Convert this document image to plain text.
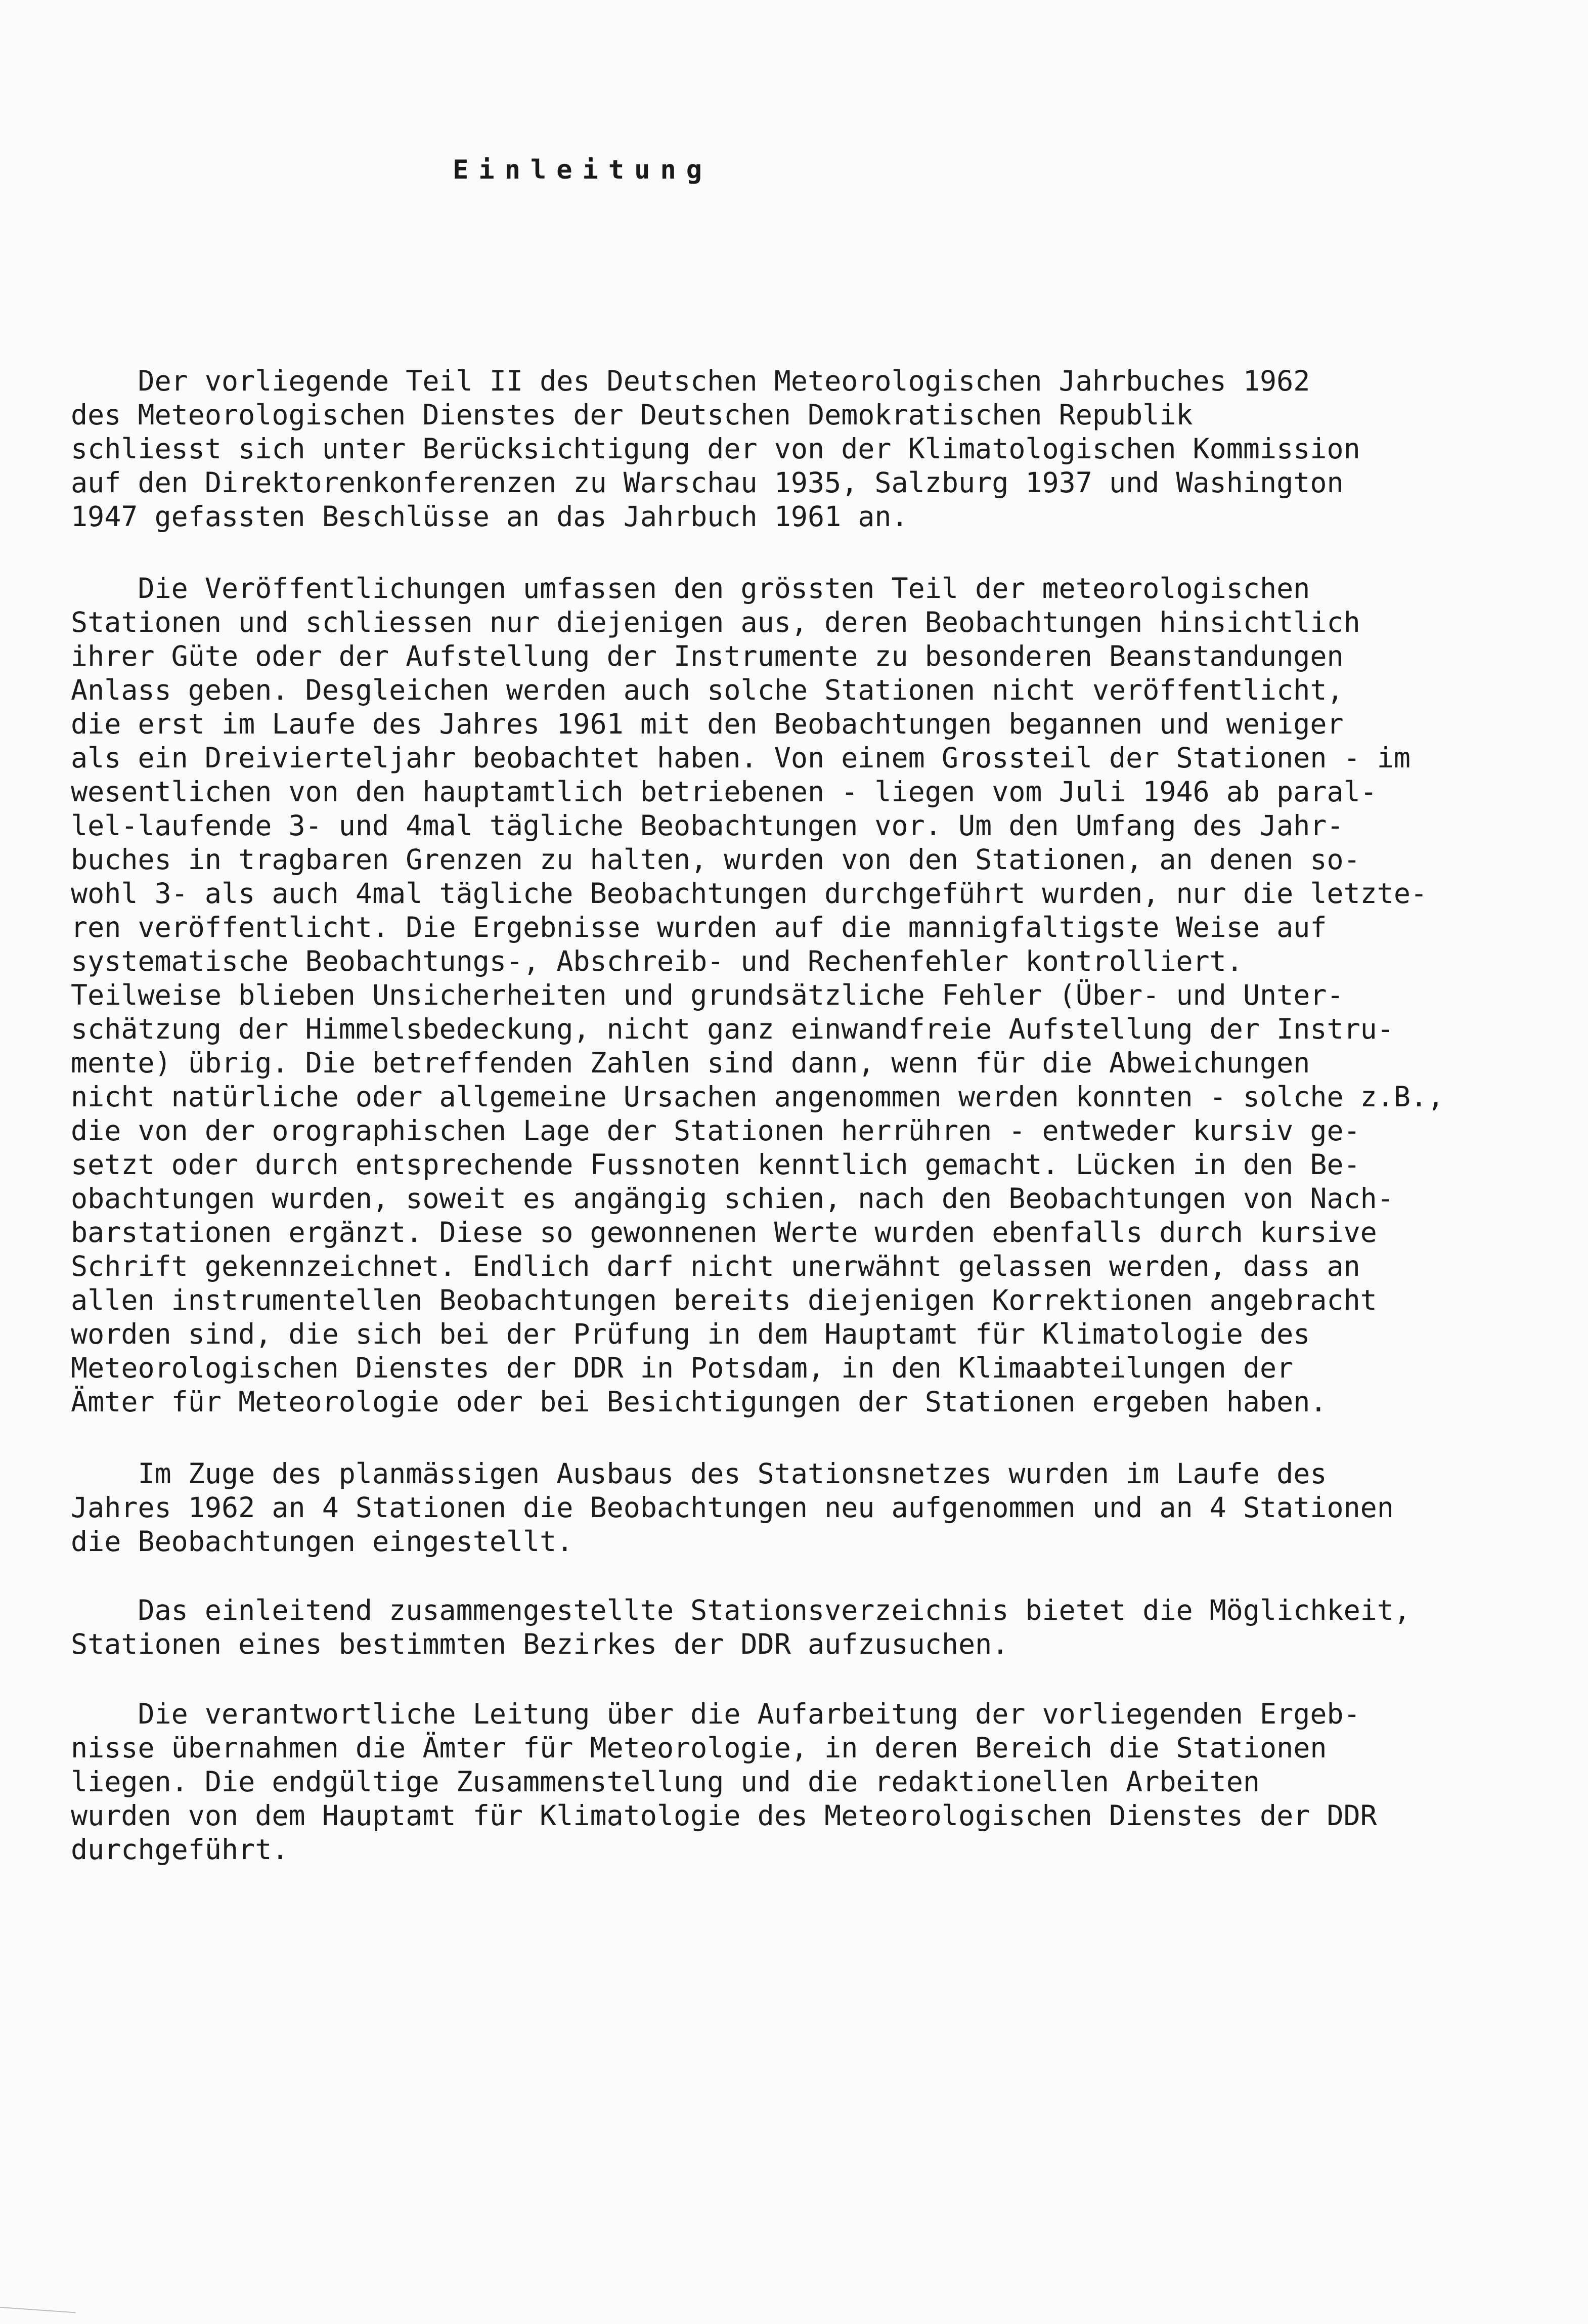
Einleitung
Der vorliegende Teil II des Deutschen Meteorologischen Jahrbuches 1962
des Meteorologischen Dienstes der Deutschen Demokratischen Republik
schliesst sich unter Berücksichtigung der von der Klimatologischen Kommission
auf den Direktorenkonferenzen zu Warschau 1935, Salzburg 1937 und Washington
1947 gefassten Beschlüsse an das Jahrbuch 1961 an.
Die Veröffentlichungen umfassen den grössten Teil der meteorologischen
Stationen und schliessen nur diejenigen aus, deren Beobachtungen hinsichtlich
ihrer Güte oder der Aufstellung der Instrumente zu besonderen Beanstandungen
Anlass geben. Desgleichen werden auch solche Stationen nicht veröffentlicht,
die erst im Laufe des Jahres 1961 mit den Beobachtungen begannen und weniger
als ein Dreivierteljahr beobachtet haben. Von einem Grossteil der Stationen - im
wesentlichen von den hauptamtlich betriebenen - liegen vom Juli 1946 ab paral-
lel-laufende 3- und 4mal tägliche Beobachtungen vor. Um den Umfang des Jahr-
buches in tragbaren Grenzen zu halten, wurden von den Stationen, an denen so-
wohl 3- als auch 4mal tägliche Beobachtungen durchgeführt wurden, nur die letzte-
ren veröffentlicht. Die Ergebnisse wurden auf die mannigfaltigste Weise auf
systematische Beobachtungs-, Abschreib- und Rechenfehler kontrolliert.
Teilweise blieben Unsicherheiten und grundsätzliche Fehler (Über- und Unter-
schätzung der Himmelsbedeckung, nicht ganz einwandfreie Aufstellung der Instru-
mente) übrig. Die betreffenden Zahlen sind dann, wenn für die Abweichungen
nicht natürliche oder allgemeine Ursachen angenommen werden konnten - solche z.B.,
die von der orographischen Lage der Stationen herrühren - entweder kursiv ge-
setzt oder durch entsprechende Fussnoten kenntlich gemacht. Lücken in den Be-
obachtungen wurden, soweit es angängig schien, nach den Beobachtungen von Nach-
barstationen ergänzt. Diese so gewonnenen Werte wurden ebenfalls durch kursive
Schrift gekennzeichnet. Endlich darf nicht unerwähnt gelassen werden, dass an
allen instrumentellen Beobachtungen bereits diejenigen Korrektionen angebracht
worden sind, die sich bei der Prüfung in dem Hauptamt für Klimatologie des
Meteorologischen Dienstes der DDR in Potsdam, in den Klimaabteilungen der
Ämter für Meteorologie oder bei Besichtigungen der Stationen ergeben haben.
Im Zuge des planmässigen Ausbaus des Stationsnetzes wurden im Laufe des
Jahres 1962 an 4 Stationen die Beobachtungen neu aufgenommen und an 4 Stationen
die Beobachtungen eingestellt.
Das einleitend zusammengestellte Stationsverzeichnis bietet die Möglichkeit,
Stationen eines bestimmten Bezirkes der DDR aufzusuchen.
Die verantwortliche Leitung über die Aufarbeitung der vorliegenden Ergeb-
nisse übernahmen die Ämter für Meteorologie, in deren Bereich die Stationen
liegen. Die endgültige Zusammenstellung und die redaktionellen Arbeiten
wurden von dem Hauptamt für Klimatologie des Meteorologischen Dienstes der DDR
durchgeführt.
